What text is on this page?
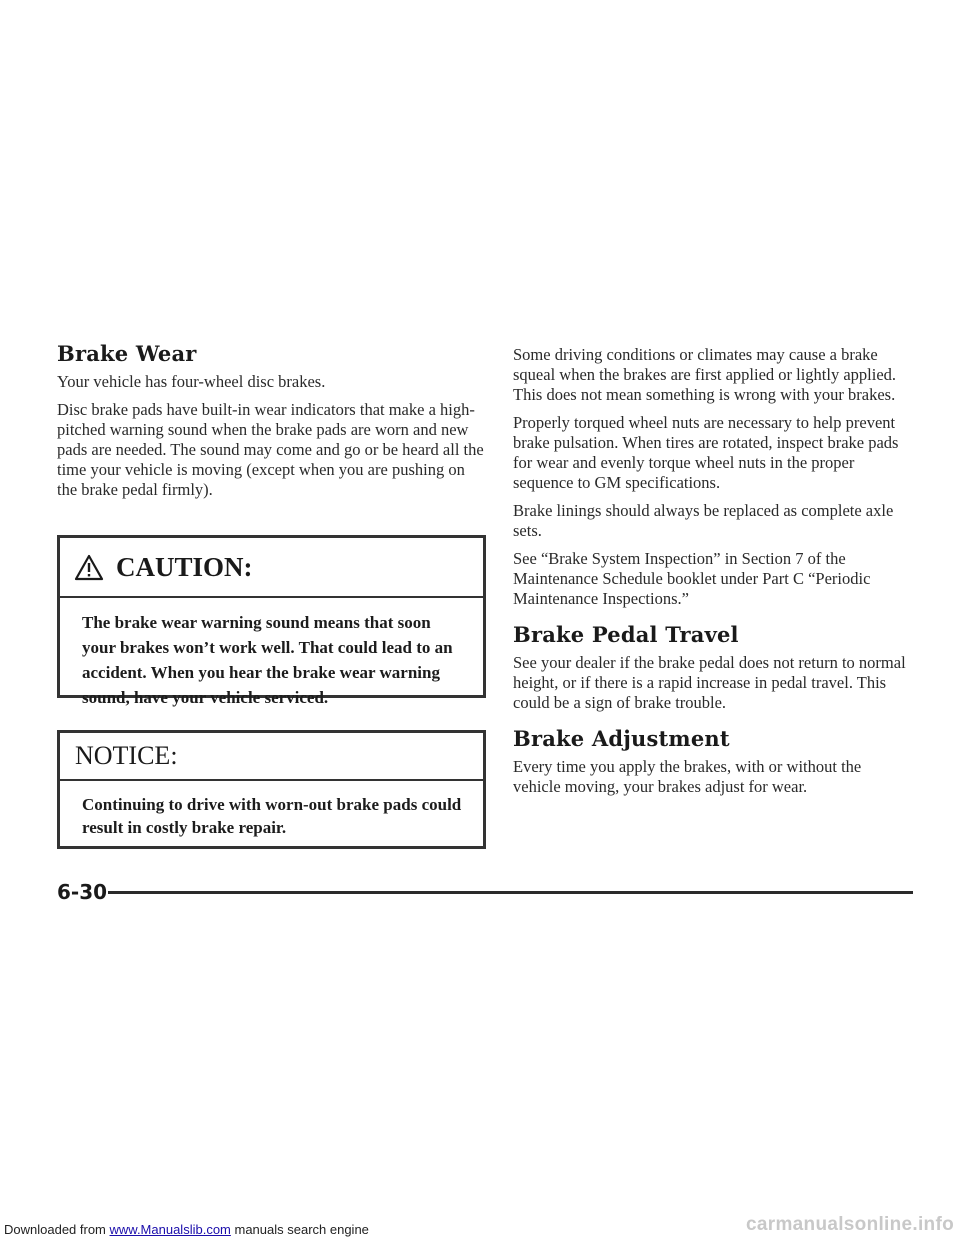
Brake Wear

Your vehicle has four-wheel disc brakes.

Disc brake pads have built-in wear indicators that make a high-pitched warning sound when the brake pads are worn and new pads are needed. The sound may come and go or be heard all the time your vehicle is moving (except when you are pushing on the brake pedal firmly).

CAUTION:
The brake wear warning sound means that soon your brakes won’t work well. That could lead to an accident. When you hear the brake wear warning sound, have your vehicle serviced.
NOTICE:
Continuing to drive with worn-out brake pads could result in costly brake repair.

Some driving conditions or climates may cause a brake squeal when the brakes are first applied or lightly applied. This does not mean something is wrong with your brakes.

Properly torqued wheel nuts are necessary to help prevent brake pulsation. When tires are rotated, inspect brake pads for wear and evenly torque wheel nuts in the proper sequence to GM specifications.

Brake linings should always be replaced as complete axle sets.

See “Brake System Inspection” in Section 7 of the Maintenance Schedule booklet under Part C “Periodic Maintenance Inspections.”

Brake Pedal Travel

See your dealer if the brake pedal does not return to normal height, or if there is a rapid increase in pedal travel. This could be a sign of brake trouble.

Brake Adjustment

Every time you apply the brakes, with or without the vehicle moving, your brakes adjust for wear.

6-30
Downloaded from www.Manualslib.com manuals search engine	carmanualsonline.info
